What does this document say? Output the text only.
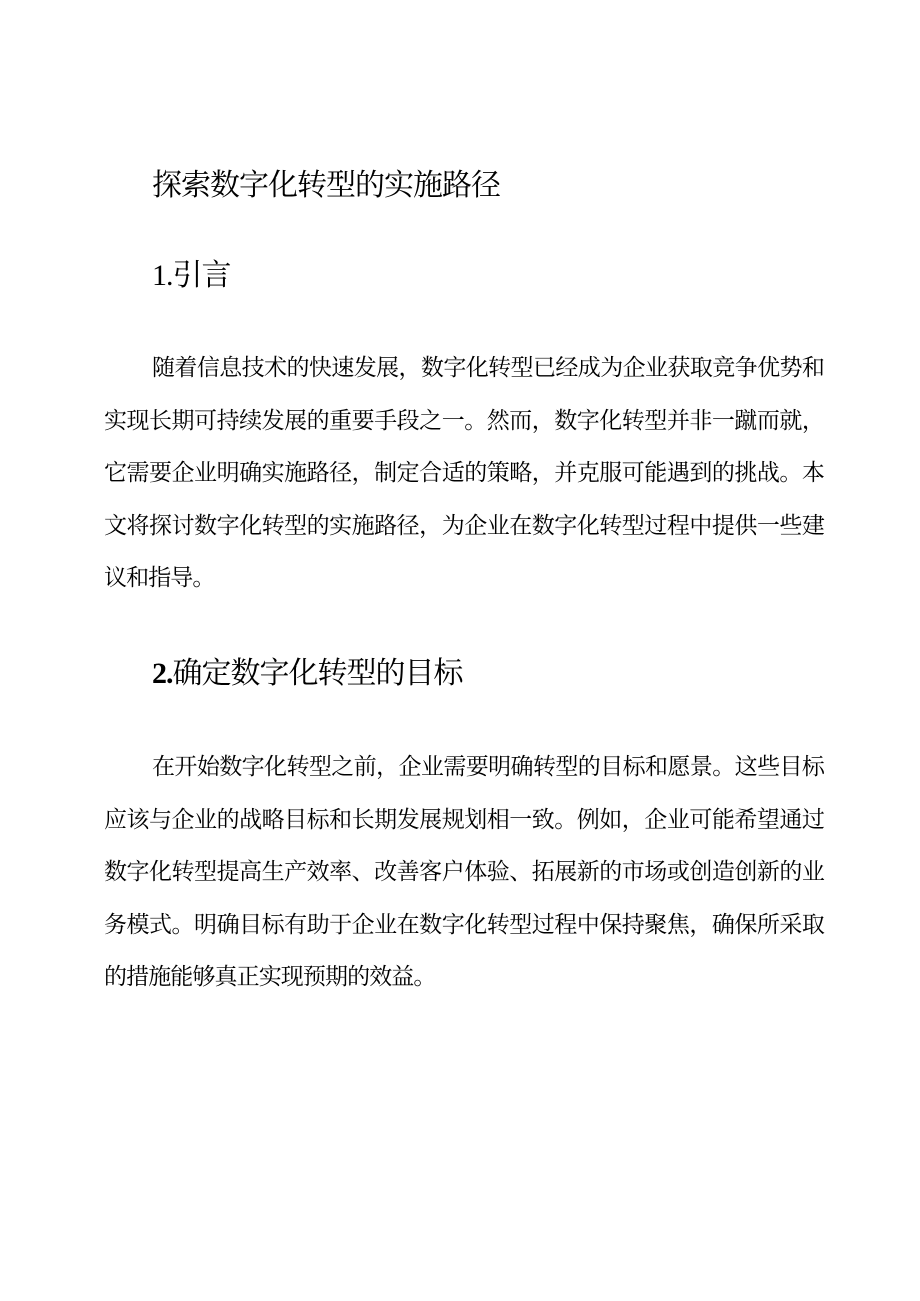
探索数字化转型的实施路径
1.引言

随着信息技术的快速发展，数字化转型已经成为企业获取竞争优势和实现长期可持续发展的重要手段之一。然而，数字化转型并非一蹴而就，它需要企业明确实施路径，制定合适的策略，并克服可能遇到的挑战。本文将探讨数字化转型的实施路径，为企业在数字化转型过程中提供一些建议和指导。

2.确定数字化转型的目标

在开始数字化转型之前，企业需要明确转型的目标和愿景。这些目标应该与企业的战略目标和长期发展规划相一致。例如，企业可能希望通过数字化转型提高生产效率、改善客户体验、拓展新的市场或创造创新的业务模式。明确目标有助于企业在数字化转型过程中保持聚焦，确保所采取的措施能够真正实现预期的效益。
